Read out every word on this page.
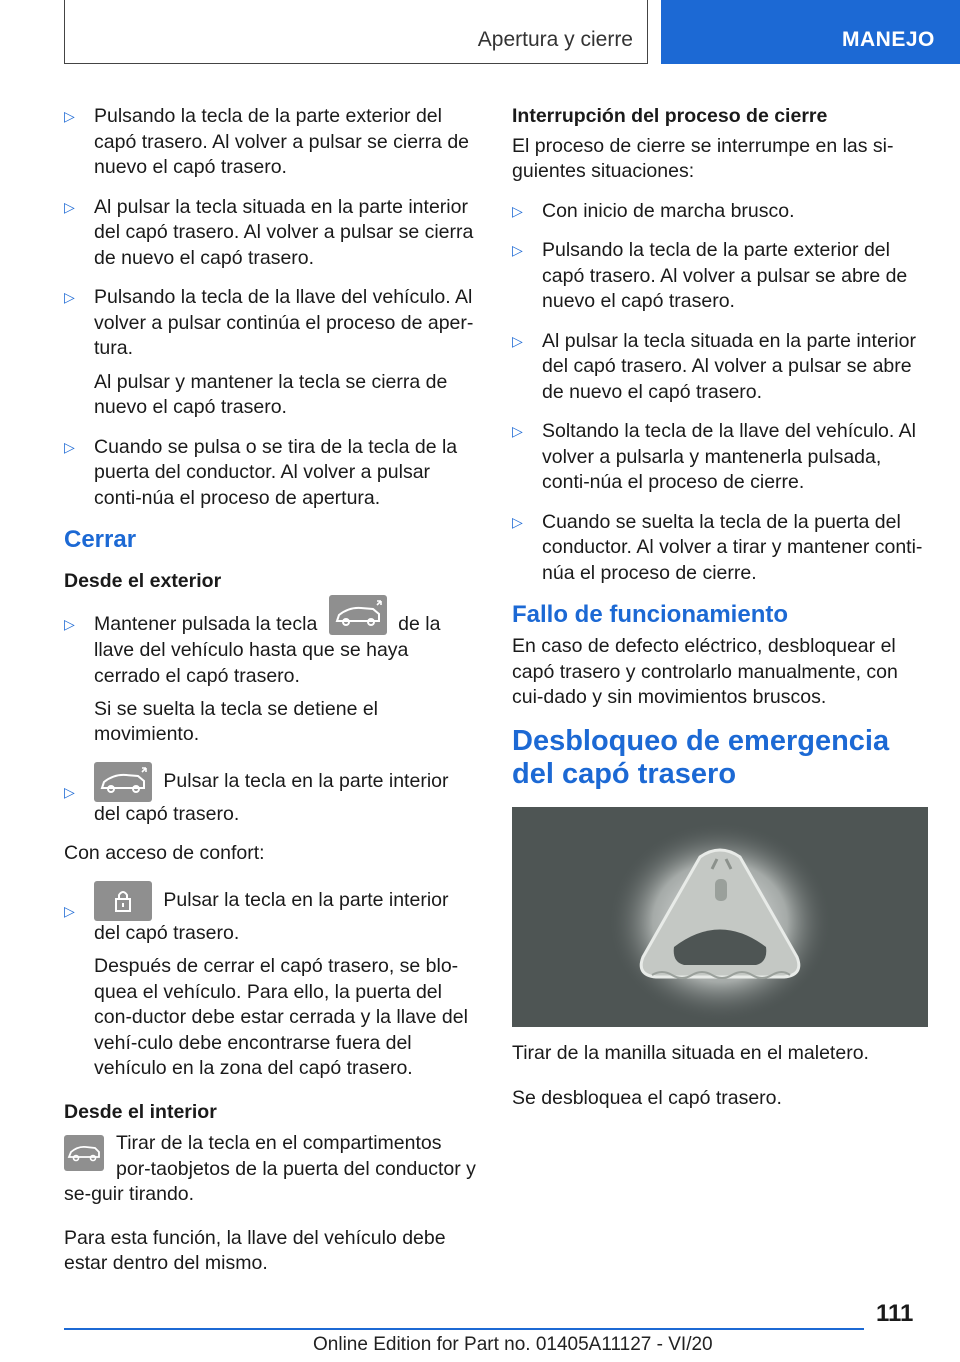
Apertura y cierre	MANEJO
▷ Pulsando la tecla de la parte exterior del capó trasero. Al volver a pulsar se cierra de nuevo el capó trasero.
▷ Al pulsar la tecla situada en la parte interior del capó trasero. Al volver a pulsar se cierra de nuevo el capó trasero.
▷ Pulsando la tecla de la llave del vehículo. Al volver a pulsar continúa el proceso de aper-tura.
Al pulsar y mantener la tecla se cierra de nuevo el capó trasero.
▷ Cuando se pulsa o se tira de la tecla de la puerta del conductor. Al volver a pulsar conti-núa el proceso de apertura.
Cerrar
Desde el exterior
▷ Mantener pulsada la tecla	de la llave del vehículo hasta que se haya cerrado el capó trasero.
Si se suelta la tecla se detiene el movimiento.
▷	Pulsar la tecla en la parte interior del capó trasero.
Con acceso de confort:
▷	Pulsar la tecla en la parte interior del capó trasero.
Después de cerrar el capó trasero, se blo-quea el vehículo. Para ello, la puerta del con-ductor debe estar cerrada y la llave del vehí-culo debe encontrarse fuera del vehículo en la zona del capó trasero.
Desde el interior
Tirar de la tecla en el compartimentos por-taobjetos de la puerta del conductor y se-guir tirando.
Para esta función, la llave del vehículo debe estar dentro del mismo.
Interrupción del proceso de cierre
El proceso de cierre se interrumpe en las si-guientes situaciones:
▷ Con inicio de marcha brusco.
▷ Pulsando la tecla de la parte exterior del capó trasero. Al volver a pulsar se abre de nuevo el capó trasero.
▷ Al pulsar la tecla situada en la parte interior del capó trasero. Al volver a pulsar se abre de nuevo el capó trasero.
▷ Soltando la tecla de la llave del vehículo. Al volver a pulsarla y mantenerla pulsada, conti-núa el proceso de cierre.
▷ Cuando se suelta la tecla de la puerta del conductor. Al volver a tirar y mantener conti-núa el proceso de cierre.
Fallo de funcionamiento
En caso de defecto eléctrico, desbloquear el capó trasero y controlarlo manualmente, con cui-dado y sin movimientos bruscos.
Desbloqueo de emergencia del capó trasero
Tirar de la manilla situada en el maletero.
Se desbloquea el capó trasero.
111
Online Edition for Part no. 01405A11127 - VI/20
